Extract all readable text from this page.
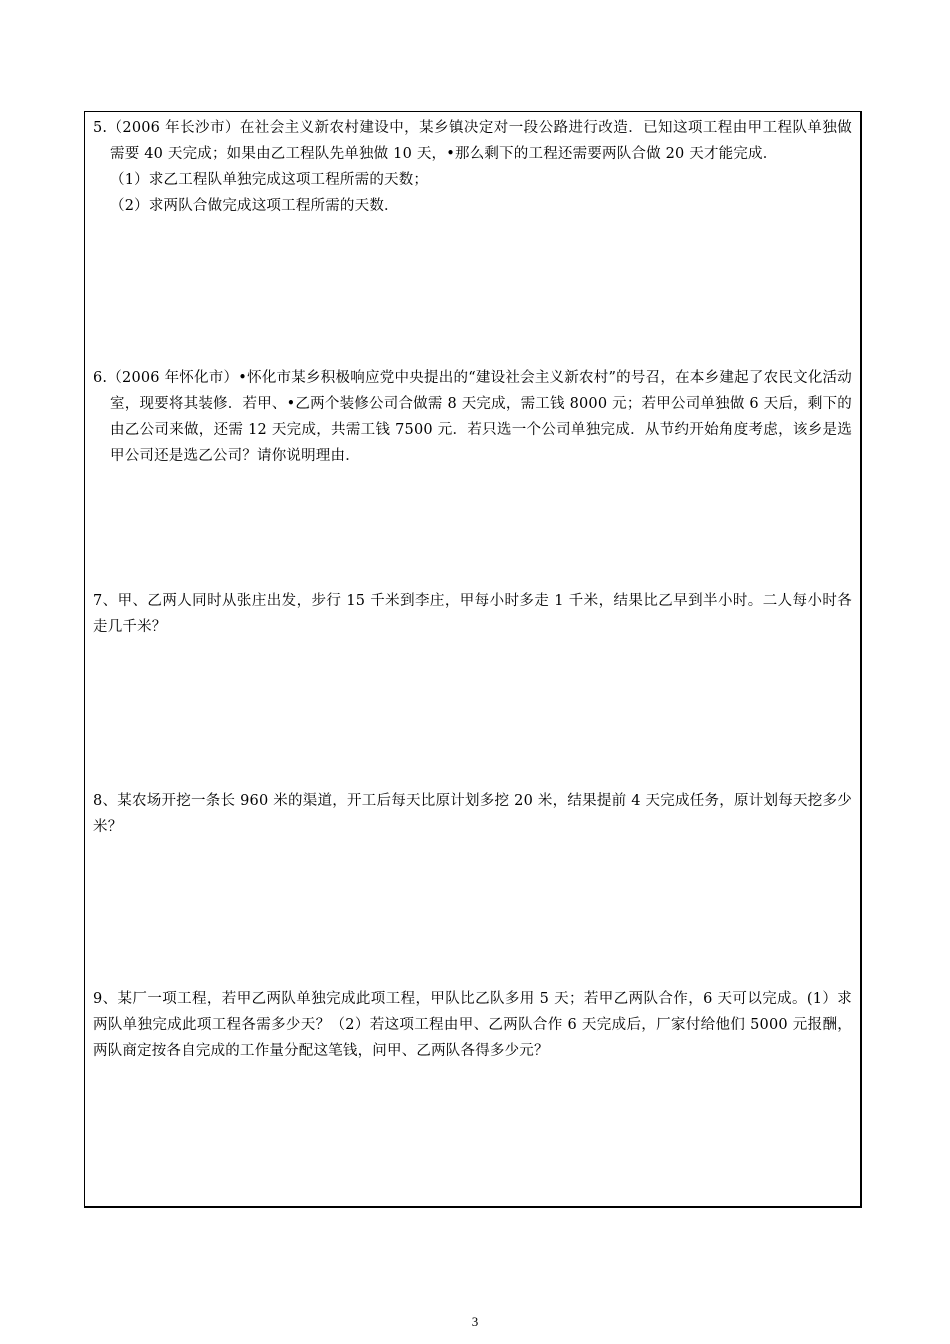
5.（2006 年长沙市）在社会主义新农村建设中，某乡镇决定对一段公路进行改造．已知这项工程由甲工程队单独做需要 40 天完成；如果由乙工程队先单独做 10 天，•那么剩下的工程还需要两队合做 20 天才能完成．

（1）求乙工程队单独完成这项工程所需的天数；

（2）求两队合做完成这项工程所需的天数．

6.（2006 年怀化市）•怀化市某乡积极响应党中央提出的“建设社会主义新农村”的号召，在本乡建起了农民文化活动室，现要将其装修．若甲、•乙两个装修公司合做需 8 天完成，需工钱 8000 元；若甲公司单独做 6 天后，剩下的由乙公司来做，还需 12 天完成，共需工钱 7500 元．若只选一个公司单独完成．从节约开始角度考虑，该乡是选甲公司还是选乙公司？请你说明理由．

7、甲、乙两人同时从张庄出发，步行 15 千米到李庄，甲每小时多走 1 千米，结果比乙早到半小时。二人每小时各走几千米？

8、某农场开挖一条长 960 米的渠道，开工后每天比原计划多挖 20 米，结果提前 4 天完成任务，原计划每天挖多少米？

9、某厂一项工程，若甲乙两队单独完成此项工程，甲队比乙队多用 5 天；若甲乙两队合作，6 天可以完成。(1）求两队单独完成此项工程各需多少天？（2）若这项工程由甲、乙两队合作 6 天完成后，厂家付给他们 5000 元报酬，两队商定按各自完成的工作量分配这笔钱，问甲、乙两队各得多少元？

3
